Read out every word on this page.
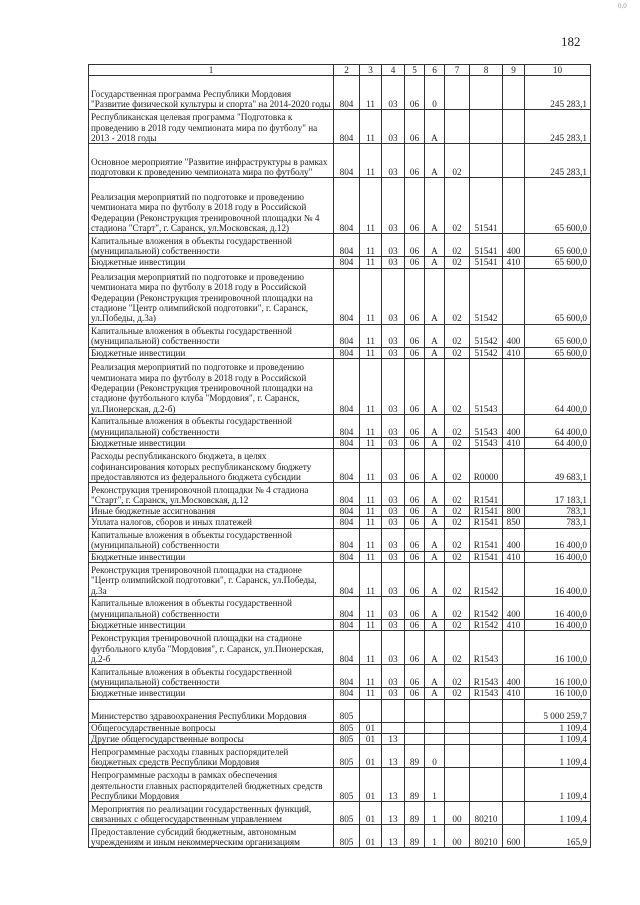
0,0
182
1	2	3	4	5	6	7	8	9	10
Государственная программа Республики Мордовия "Развитие физической культуры и спорта" на 2014-2020 годы	804	11	03	06	0				245 283,1
Республиканская целевая программа "Подготовка к проведению в 2018 году чемпионата мира по футболу" на 2013 - 2018 годы	804	11	03	06	А				245 283,1
Основное мероприятие "Развитие инфраструктуры в рамках подготовки к проведению чемпионата мира по футболу"	804	11	03	06	А	02			245 283,1
Реализация мероприятий по подготовке и проведению чемпионата мира по футболу в 2018 году в Российской Федерации (Реконструкция тренировочной площадки № 4 стадиона "Старт", г. Саранск, ул.Московская, д.12)	804	11	03	06	А	02	51541		65 600,0
Капитальные вложения в объекты государственной (муниципальной) собственности	804	11	03	06	А	02	51541	400	65 600,0
Бюджетные инвестиции	804	11	03	06	А	02	51541	410	65 600,0
Реализация мероприятий по подготовке и проведению чемпионата мира по футболу в 2018 году в Российской Федерации (Реконструкция тренировочной площадки на стадионе "Центр олимпийской подготовки", г. Саранск, ул.Победы, д.3а)	804	11	03	06	А	02	51542		65 600,0
Капитальные вложения в объекты государственной (муниципальной) собственности	804	11	03	06	А	02	51542	400	65 600,0
Бюджетные инвестиции	804	11	03	06	А	02	51542	410	65 600,0
Реализация мероприятий по подготовке и проведению чемпионата мира по футболу в 2018 году в Российской Федерации (Реконструкция тренировочной площадки на стадионе футбольного клуба "Мордовия", г. Саранск, ул.Пионерская, д.2-б)	804	11	03	06	А	02	51543		64 400,0
Капитальные вложения в объекты государственной (муниципальной) собственности	804	11	03	06	А	02	51543	400	64 400,0
Бюджетные инвестиции	804	11	03	06	А	02	51543	410	64 400,0
Расходы республиканского бюджета, в целях софинансирования которых республиканскому бюджету предоставляются из федерального бюджета субсидии	804	11	03	06	А	02	R0000		49 683,1
Реконструкция тренировочной площадки № 4 стадиона "Старт", г. Саранск, ул.Московская, д.12	804	11	03	06	А	02	R1541		17 183,1
Иные бюджетные ассигнования	804	11	03	06	А	02	R1541	800	783,1
Уплата налогов, сборов и иных платежей	804	11	03	06	А	02	R1541	850	783,1
Капитальные вложения в объекты государственной (муниципальной) собственности	804	11	03	06	А	02	R1541	400	16 400,0
Бюджетные инвестиции	804	11	03	06	А	02	R1541	410	16 400,0
Реконструкция тренировочной площадки на стадионе "Центр олимпийской подготовки", г. Саранск, ул.Победы, д.3а	804	11	03	06	А	02	R1542		16 400,0
Капитальные вложения в объекты государственной (муниципальной) собственности	804	11	03	06	А	02	R1542	400	16 400,0
Бюджетные инвестиции	804	11	03	06	А	02	R1542	410	16 400,0
Реконструкция тренировочной площадки на стадионе футбольного клуба "Мордовия", г. Саранск, ул.Пионерская, д.2-б	804	11	03	06	А	02	R1543		16 100,0
Капитальные вложения в объекты государственной (муниципальной) собственности	804	11	03	06	А	02	R1543	400	16 100,0
Бюджетные инвестиции	804	11	03	06	А	02	R1543	410	16 100,0
Министерство здравоохранения Республики Мордовия	805								5 000 259,7
Общегосударственные вопросы	805	01							1 109,4
Другие общегосударственные вопросы	805	01	13						1 109,4
Непрограммные расходы главных распорядителей бюджетных средств Республики Мордовия	805	01	13	89	0				1 109,4
Непрограммные расходы в рамках обеспечения деятельности главных распорядителей бюджетных средств Республики Мордовия	805	01	13	89	1				1 109,4
Мероприятия по реализации государственных функций, связанных с общегосударственным управлением	805	01	13	89	1	00	80210		1 109,4
Предоставление субсидий бюджетным, автономным учреждениям и иным некоммерческим организациям	805	01	13	89	1	00	80210	600	165,9
